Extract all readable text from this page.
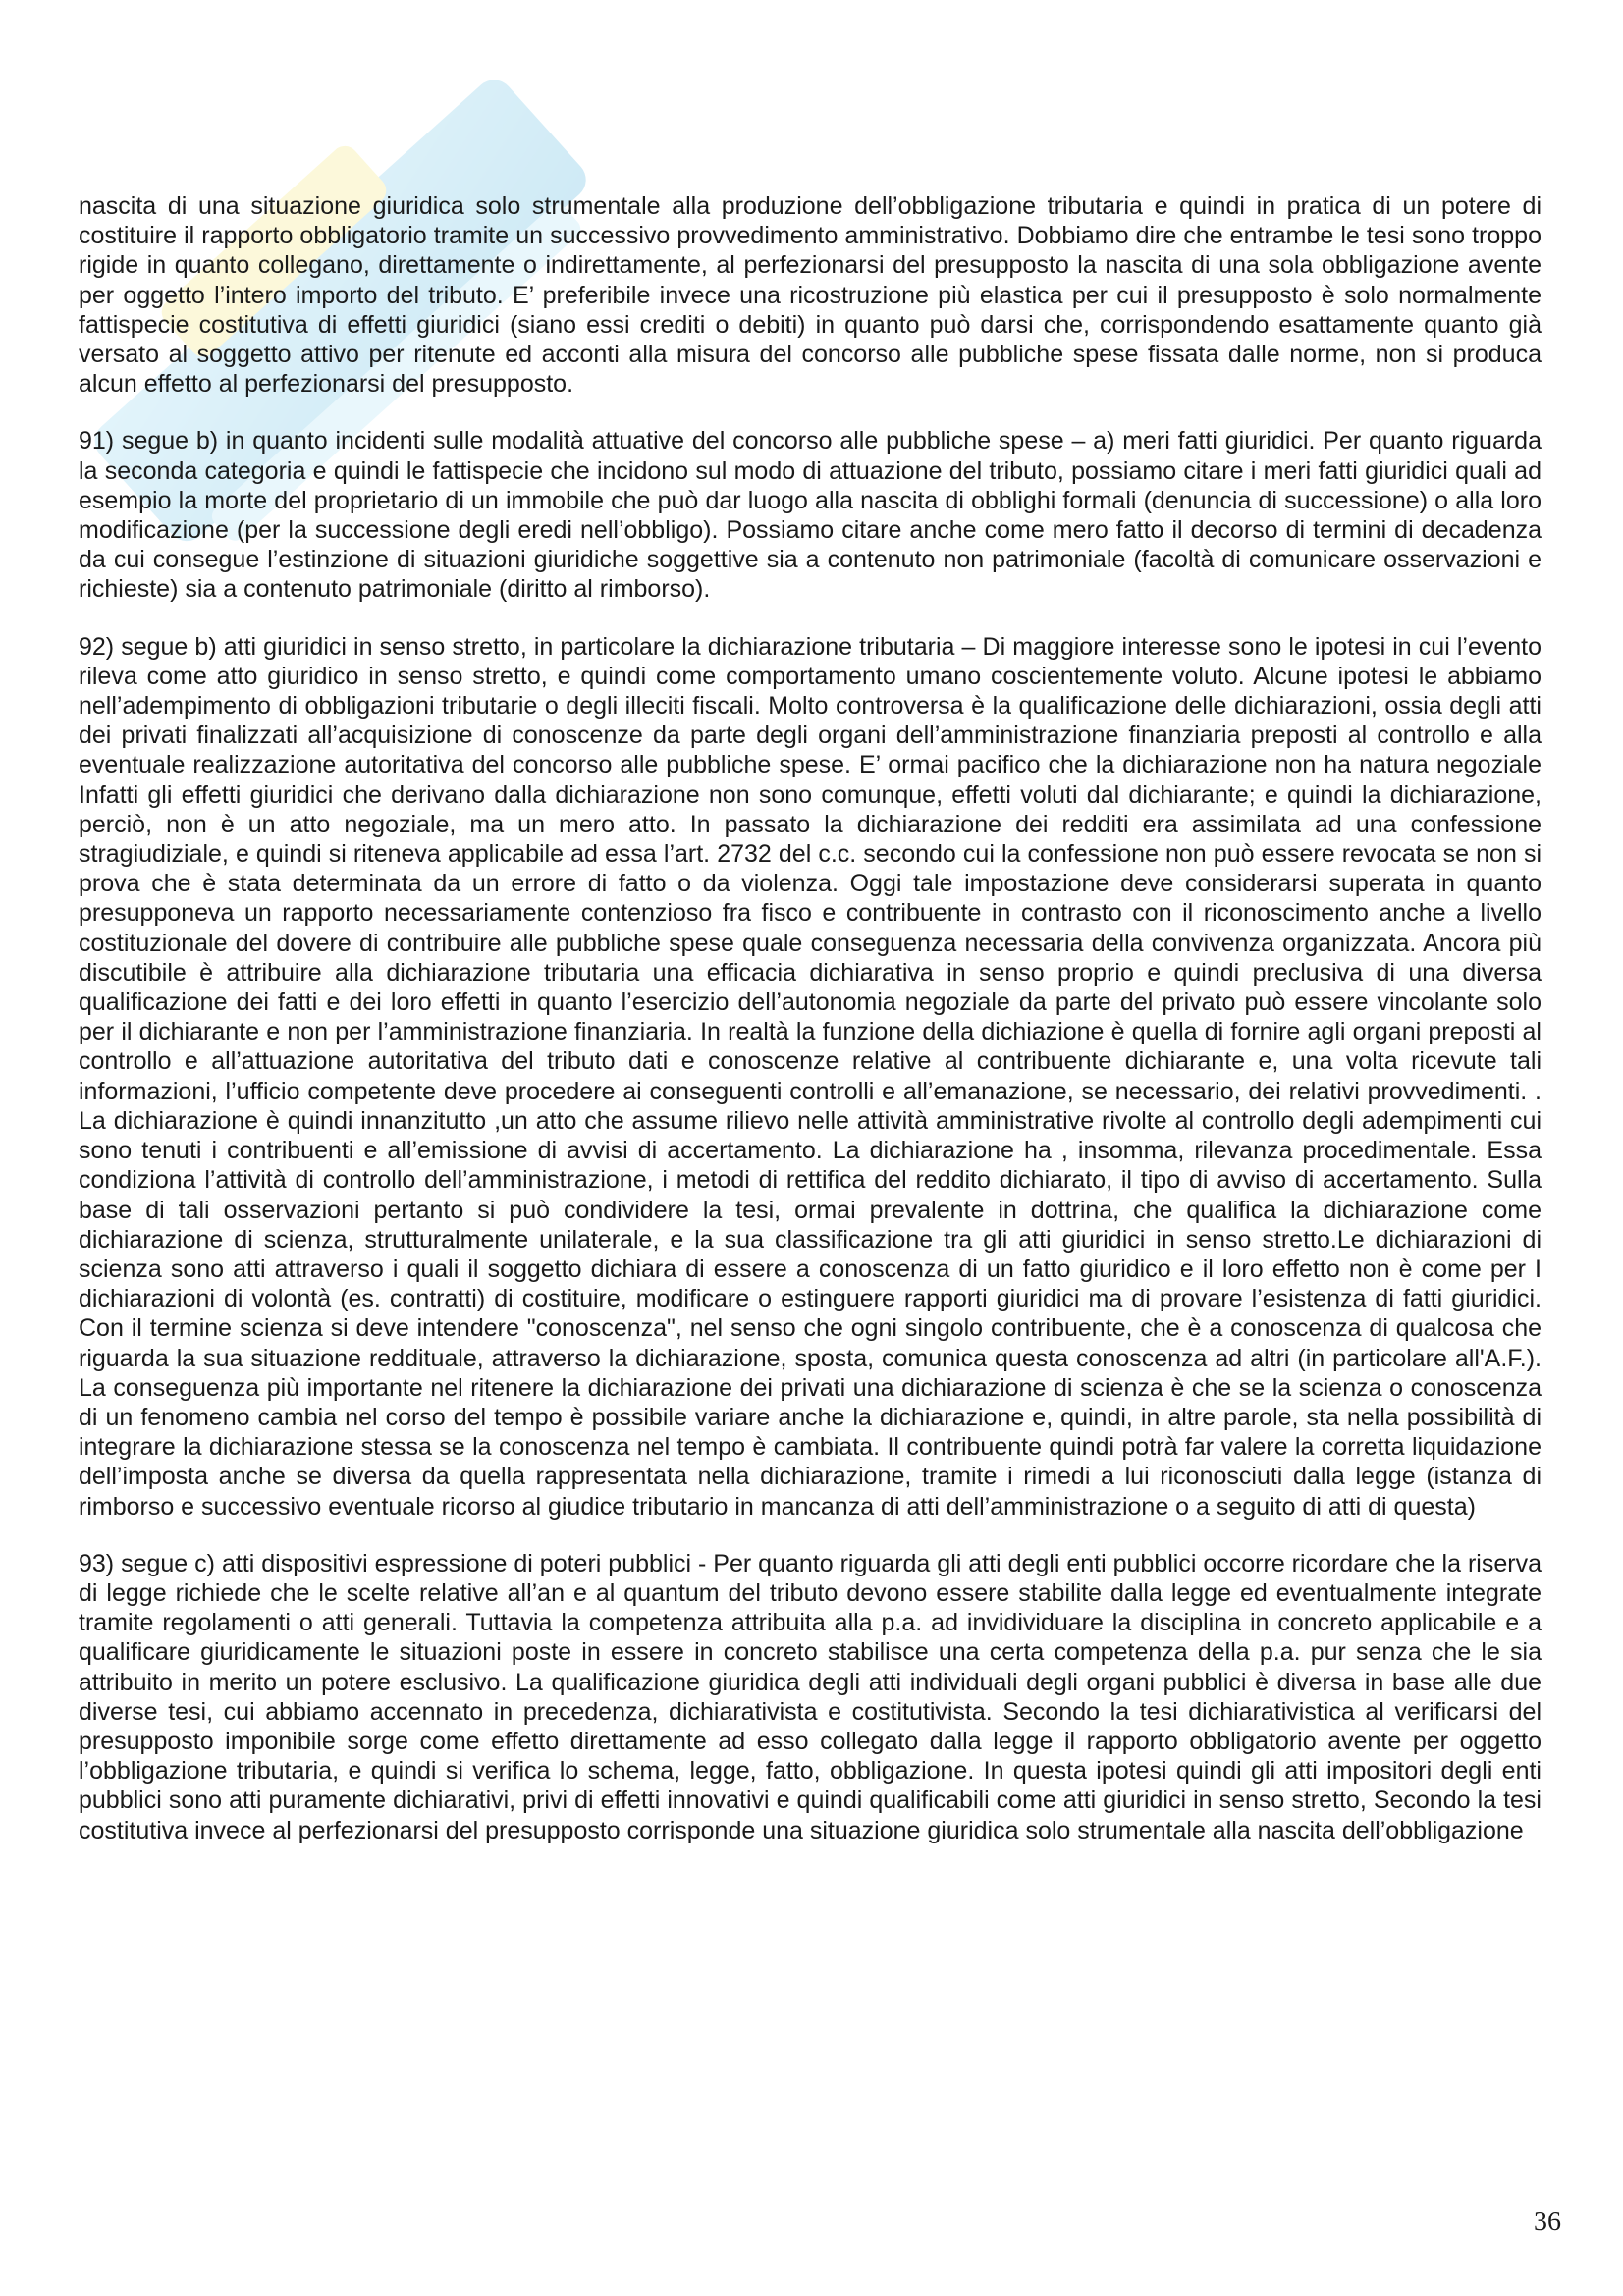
nascita di una situazione giuridica solo strumentale alla produzione dell’obbligazione tributaria e quindi in pratica di un potere di costituire il rapporto obbligatorio tramite un successivo provvedimento amministrativo. Dobbiamo dire che entrambe le tesi sono troppo rigide in quanto collegano, direttamente o indirettamente, al perfezionarsi del presupposto la nascita di una sola obbligazione avente per oggetto l’intero importo del tributo. E’ preferibile invece una ricostruzione più elastica per cui il presupposto è solo normalmente fattispecie costitutiva di effetti giuridici (siano essi crediti o debiti) in quanto può darsi che, corrispondendo esattamente quanto già versato al soggetto attivo per ritenute ed acconti alla misura del concorso alle pubbliche spese fissata dalle norme, non si produca alcun effetto al perfezionarsi del presupposto.

91) segue b) in quanto incidenti sulle modalità attuative del concorso alle pubbliche spese – a) meri fatti giuridici. Per quanto riguarda la seconda categoria e quindi le fattispecie che incidono sul modo di attuazione del tributo, possiamo citare i meri fatti giuridici quali ad esempio la morte del proprietario di un immobile che può dar luogo alla nascita di obblighi formali (denuncia di successione) o alla loro modificazione (per la successione degli eredi nell’obbligo). Possiamo citare anche come mero fatto il decorso di termini di decadenza da cui consegue l’estinzione di situazioni giuridiche soggettive sia a contenuto non patrimoniale (facoltà di comunicare osservazioni e richieste) sia a contenuto patrimoniale (diritto al rimborso).

92) segue b) atti giuridici in senso stretto, in particolare la dichiarazione tributaria – Di maggiore interesse sono le ipotesi in cui l’evento rileva come atto giuridico in senso stretto, e quindi come comportamento umano coscientemente voluto. Alcune ipotesi le abbiamo nell’adempimento di obbligazioni tributarie o degli illeciti fiscali. Molto controversa è la qualificazione delle dichiarazioni, ossia degli atti dei privati finalizzati all’acquisizione di conoscenze da parte degli organi dell’amministrazione finanziaria preposti al controllo e alla eventuale realizzazione autoritativa del concorso alle pubbliche spese. E’ ormai pacifico che la dichiarazione non ha natura negoziale Infatti gli effetti giuridici che derivano dalla dichiarazione non sono comunque, effetti voluti dal dichiarante; e quindi la dichiarazione, perciò, non è un atto negoziale, ma un mero atto. In passato la dichiarazione dei redditi era assimilata ad una confessione stragiudiziale, e quindi si riteneva applicabile ad essa l’art. 2732 del c.c. secondo cui la confessione non può essere revocata se non si prova che è stata determinata da un errore di fatto o da violenza. Oggi tale impostazione deve considerarsi superata in quanto presupponeva un rapporto necessariamente contenzioso fra fisco e contribuente in contrasto con il riconoscimento anche a livello costituzionale del dovere di contribuire alle pubbliche spese quale conseguenza necessaria della convivenza organizzata. Ancora più discutibile è attribuire alla dichiarazione tributaria una efficacia dichiarativa in senso proprio e quindi preclusiva di una diversa qualificazione dei fatti e dei loro effetti in quanto l’esercizio dell’autonomia negoziale da parte del privato può essere vincolante solo per il dichiarante e non per l’amministrazione finanziaria. In realtà la funzione della dichiazione è quella di fornire agli organi preposti al controllo e all’attuazione autoritativa del tributo dati e conoscenze relative al contribuente dichiarante e, una volta ricevute tali informazioni, l’ufficio competente deve procedere ai conseguenti controlli e all’emanazione, se necessario, dei relativi provvedimenti. . La dichiarazione è quindi innanzitutto ,un atto che assume rilievo nelle attività amministrative rivolte al controllo degli adempimenti cui sono tenuti i contribuenti e all’emissione di avvisi di accertamento. La dichiarazione ha , insomma, rilevanza procedimentale. Essa condiziona l’attività di controllo dell’amministrazione, i metodi di rettifica del reddito dichiarato, il tipo di avviso di accertamento. Sulla base di tali osservazioni pertanto si può condividere la tesi, ormai prevalente in dottrina, che qualifica la dichiarazione come dichiarazione di scienza, strutturalmente unilaterale, e la sua classificazione tra gli atti giuridici in senso stretto.Le dichiarazioni di scienza sono atti attraverso i quali il soggetto dichiara di essere a conoscenza di un fatto giuridico e il loro effetto non è come per I dichiarazioni di volontà (es. contratti) di costituire, modificare o estinguere rapporti giuridici ma di provare l’esistenza di fatti giuridici. Con il termine scienza si deve intendere "conoscenza", nel senso che ogni singolo contribuente, che è a conoscenza di qualcosa che riguarda la sua situazione reddituale, attraverso la dichiarazione, sposta, comunica questa conoscenza ad altri (in particolare all'A.F.). La conseguenza più importante nel ritenere la dichiarazione dei privati una dichiarazione di scienza è che se la scienza o conoscenza di un fenomeno cambia nel corso del tempo è possibile variare anche la dichiarazione e, quindi, in altre parole, sta nella possibilità di integrare la dichiarazione stessa se la conoscenza nel tempo è cambiata. Il contribuente quindi potrà far valere la corretta liquidazione dell’imposta anche se diversa da quella rappresentata nella dichiarazione, tramite i rimedi a lui riconosciuti dalla legge (istanza di rimborso e successivo eventuale ricorso al giudice tributario in mancanza di atti dell’amministrazione o a seguito di atti di questa)

93) segue c) atti dispositivi espressione di poteri pubblici - Per quanto riguarda gli atti degli enti pubblici occorre ricordare che la riserva di legge richiede che le scelte relative all’an e al quantum del tributo devono essere stabilite dalla legge ed eventualmente integrate tramite regolamenti o atti generali. Tuttavia la competenza attribuita alla p.a. ad invidividuare la disciplina in concreto applicabile e a qualificare giuridicamente le situazioni poste in essere in concreto stabilisce una certa competenza della p.a. pur senza che le sia attribuito in merito un potere esclusivo. La qualificazione giuridica degli atti individuali degli organi pubblici è diversa in base alle due diverse tesi, cui abbiamo accennato in precedenza, dichiarativista e costitutivista. Secondo la tesi dichiarativistica al verificarsi del presupposto imponibile sorge come effetto direttamente ad esso collegato dalla legge il rapporto obbligatorio avente per oggetto l’obbligazione tributaria, e quindi si verifica lo schema, legge, fatto, obbligazione. In questa ipotesi quindi gli atti impositori degli enti pubblici sono atti puramente dichiarativi, privi di effetti innovativi e quindi qualificabili come atti giuridici in senso stretto, Secondo la tesi costitutiva invece al perfezionarsi del presupposto corrisponde una situazione giuridica solo strumentale alla nascita dell’obbligazione

36
